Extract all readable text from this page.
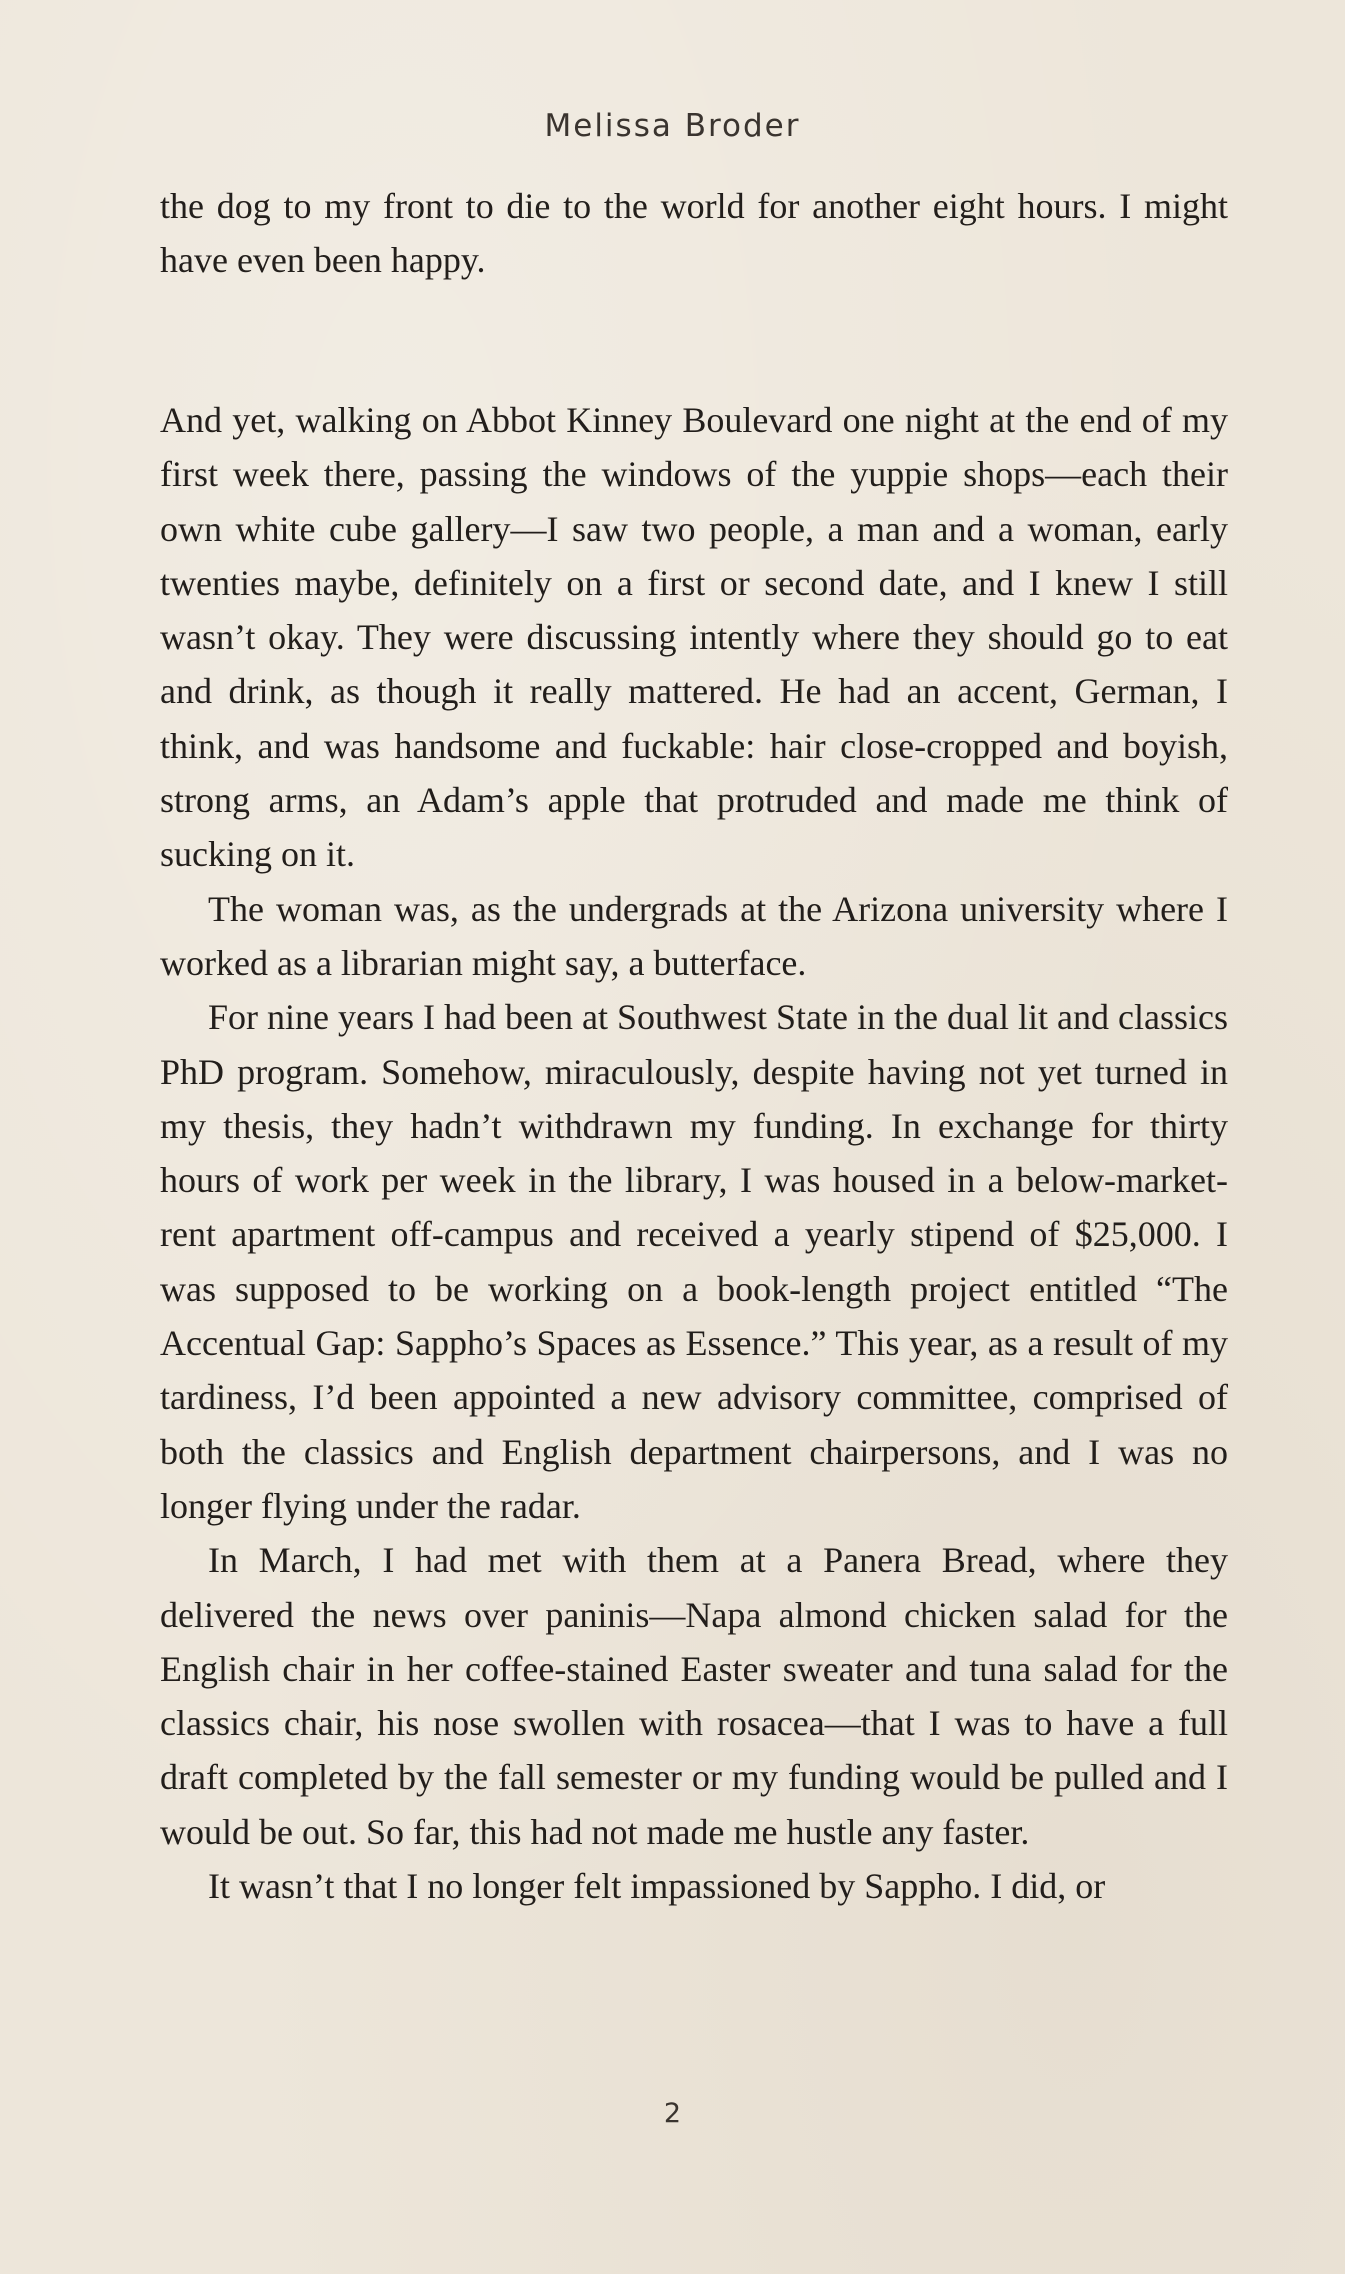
Melissa Broder

the dog to my front to die to the world for another eight hours. I might have even been happy.

And yet, walking on Abbot Kinney Boulevard one night at the end of my first week there, passing the windows of the yuppie shops—each their own white cube gallery—I saw two people, a man and a woman, early twenties maybe, definitely on a first or second date, and I knew I still wasn’t okay. They were discussing intently where they should go to eat and drink, as though it really mattered. He had an accent, German, I think, and was handsome and fuckable: hair close-cropped and boyish, strong arms, an Adam’s apple that protruded and made me think of sucking on it.

The woman was, as the undergrads at the Arizona university where I worked as a librarian might say, a butterface.

For nine years I had been at Southwest State in the dual lit and classics PhD program. Somehow, miraculously, despite having not yet turned in my thesis, they hadn’t withdrawn my funding. In exchange for thirty hours of work per week in the library, I was housed in a below-market-rent apartment off-campus and received a yearly stipend of $25,000. I was supposed to be working on a book-length project entitled “The Accentual Gap: Sappho’s Spaces as Essence.” This year, as a result of my tardiness, I’d been appointed a new advisory committee, comprised of both the classics and English department chairpersons, and I was no longer flying under the radar.

In March, I had met with them at a Panera Bread, where they delivered the news over paninis—Napa almond chicken salad for the English chair in her coffee-stained Easter sweater and tuna salad for the classics chair, his nose swollen with rosacea—that I was to have a full draft completed by the fall semester or my funding would be pulled and I would be out. So far, this had not made me hustle any faster.

It wasn’t that I no longer felt impassioned by Sappho. I did, or

2
